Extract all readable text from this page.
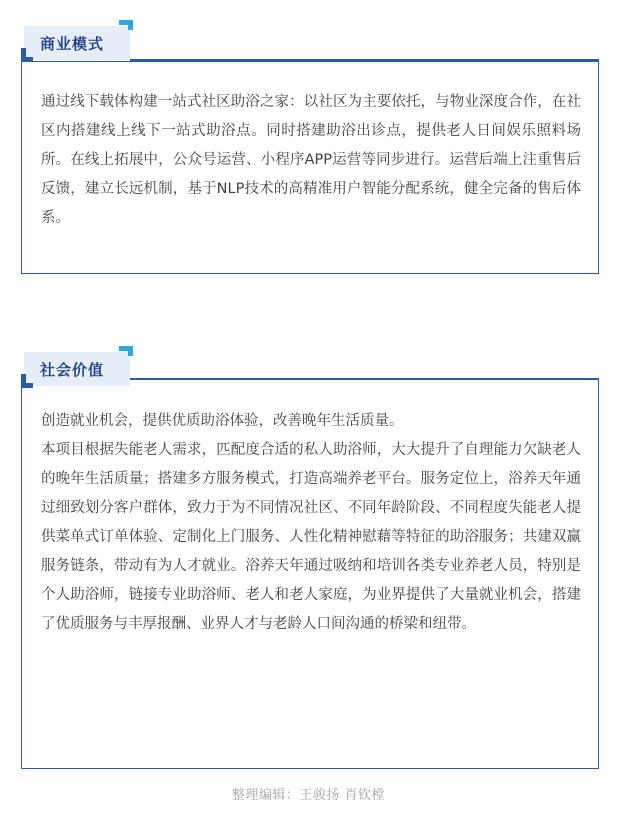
商业模式

通过线下载体构建一站式社区助浴之家：以社区为主要依托，与物业深度合作，在社区内搭建线上线下一站式助浴点。同时搭建助浴出诊点，提供老人日间娱乐照料场所。在线上拓展中，公众号运营、小程序APP运营等同步进行。运营后端上注重售后反馈，建立长远机制，基于NLP技术的高精准用户智能分配系统，健全完备的售后体系。

社会价值

创造就业机会，提供优质助浴体验，改善晚年生活质量。

本项目根据失能老人需求，匹配度合适的私人助浴师，大大提升了自理能力欠缺老人的晚年生活质量；搭建多方服务模式，打造高端养老平台。服务定位上，浴养天年通过细致划分客户群体，致力于为不同情况社区、不同年龄阶段、不同程度失能老人提供菜单式订单体验、定制化上门服务、人性化精神慰藉等特征的助浴服务；共建双赢服务链条，带动有为人才就业。浴养天年通过吸纳和培训各类专业养老人员，特别是个人助浴师，链接专业助浴师、老人和老人家庭，为业界提供了大量就业机会，搭建了优质服务与丰厚报酬、业界人才与老龄人口间沟通的桥梁和纽带。

整理编辑：王骏扬 肖钦樘
